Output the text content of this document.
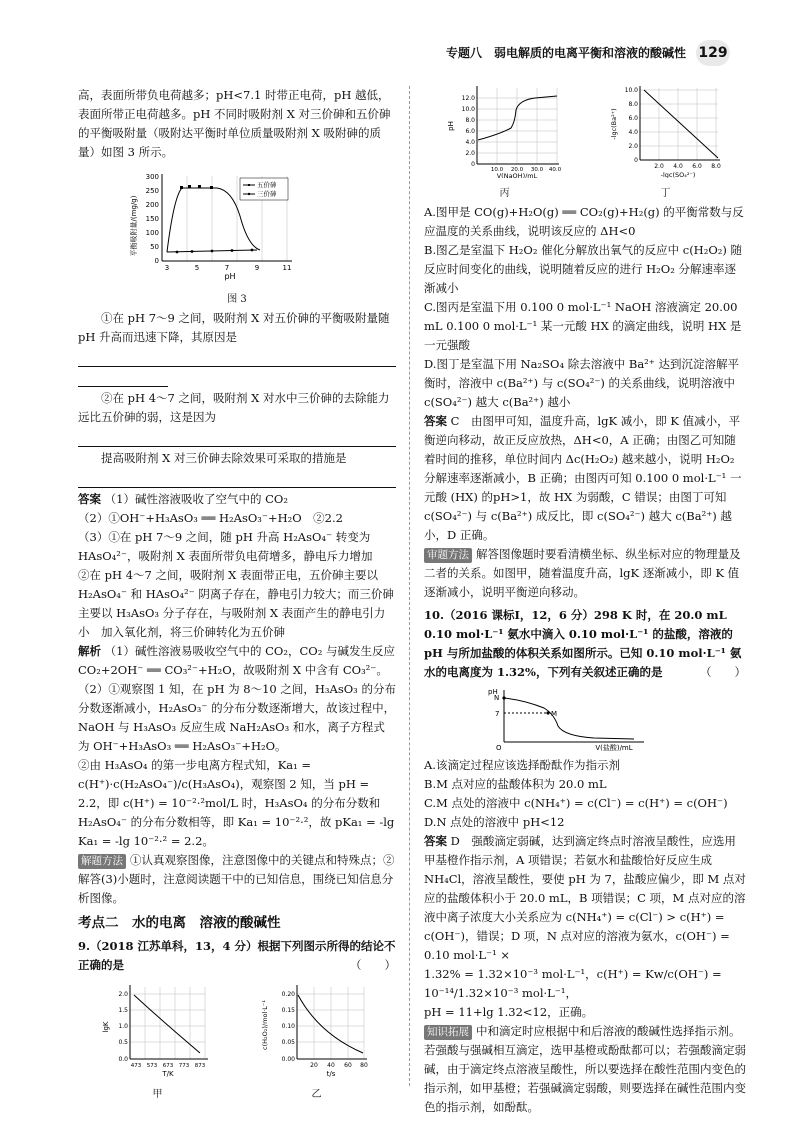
专题八　弱电解质的电离平衡和溶液的酸碱性 129

高，表面所带负电荷越多；pH<7.1 时带正电荷，pH 越低，表面所带正电荷越多。pH 不同时吸附剂 X 对三价砷和五价砷的平衡吸附量（吸附达平衡时单位质量吸附剂 X 吸附砷的质量）如图 3 所示。

平衡吸附量/(mg/g)
0
50
100
150
200
250
300
3	5	7	9	11
pH
五价砷
三价砷
图 3

①在 pH 7～9 之间，吸附剂 X 对五价砷的平衡吸附量随 pH 升高而迅速下降，其原因是

②在 pH 4～7 之间，吸附剂 X 对水中三价砷的去除能力远比五价砷的弱，这是因为

提高吸附剂 X 对三价砷去除效果可采取的措施是

答案 （1）碱性溶液吸收了空气中的 CO₂

（2）①OH⁻+H₃AsO₃ ══ H₂AsO₃⁻+H₂O　②2.2

（3）①在 pH 7～9 之间，随 pH 升高 H₂AsO₄⁻ 转变为 HAsO₄²⁻，吸附剂 X 表面所带负电荷增多，静电斥力增加

②在 pH 4～7 之间，吸附剂 X 表面带正电，五价砷主要以 H₂AsO₄⁻ 和 HAsO₄²⁻ 阴离子存在，静电引力较大；而三价砷主要以 H₃AsO₃ 分子存在，与吸附剂 X 表面产生的静电引力小　加入氧化剂，将三价砷转化为五价砷

解析 （1）碱性溶液易吸收空气中的 CO₂，CO₂ 与碱发生反应 CO₂+2OH⁻ ══ CO₃²⁻+H₂O，故吸附剂 X 中含有 CO₃²⁻。

（2）①观察图 1 知，在 pH 为 8～10 之间，H₃AsO₃ 的分布分数逐渐减小，H₂AsO₃⁻ 的分布分数逐渐增大，故该过程中，NaOH 与 H₃AsO₃ 反应生成 NaH₂AsO₃ 和水，离子方程式为 OH⁻+H₃AsO₃ ══ H₂AsO₃⁻+H₂O。

②由 H₃AsO₄ 的第一步电离方程式知，Ka₁ = c(H⁺)·c(H₂AsO₄⁻)/c(H₃AsO₄)，观察图 2 知，当 pH = 2.2，即 c(H⁺) = 10⁻²·²mol/L 时，H₃AsO₄ 的分布分数和 H₂AsO₄⁻ 的分布分数相等，即 Ka₁ = 10⁻²·²，故 pKa₁ = -lg Ka₁ = -lg 10⁻²·² = 2.2。

解题方法 ①认真观察图像，注意图像中的关键点和特殊点；②解答(3)小题时，注意阅读题干中的已知信息，围绕已知信息分析图像。

考点二　水的电离　溶液的酸碱性

9.（2018 江苏单科，13，4 分）根据下列图示所得的结论不正确的是	（　　）

lgK
0.0
0.5
1.0
1.5
2.0
473 573 673 773 873
T/K
甲
c(H₂O₂)/mol·L⁻¹
0.00
0.05
0.10
0.15
0.20
20 40 60 80
t/s
乙
pH
0
2.0
4.0
6.0
8.0
10.0
12.0
10.0 20.0 30.0 40.0
V(NaOH)/mL
丙
-lgc(Ba²⁺)
0
2.0
4.0
6.0
8.0
10.0
2.0 4.0 6.0 8.0
-lgc(SO₄²⁻)
丁

A.图甲是 CO(g)+H₂O(g) ══ CO₂(g)+H₂(g) 的平衡常数与反应温度的关系曲线，说明该反应的 ΔH<0

B.图乙是室温下 H₂O₂ 催化分解放出氧气的反应中 c(H₂O₂) 随反应时间变化的曲线，说明随着反应的进行 H₂O₂ 分解速率逐渐减小

C.图丙是室温下用 0.100 0 mol·L⁻¹ NaOH 溶液滴定 20.00 mL 0.100 0 mol·L⁻¹ 某一元酸 HX 的滴定曲线，说明 HX 是一元强酸

D.图丁是室温下用 Na₂SO₄ 除去溶液中 Ba²⁺ 达到沉淀溶解平衡时，溶液中 c(Ba²⁺) 与 c(SO₄²⁻) 的关系曲线，说明溶液中 c(SO₄²⁻) 越大 c(Ba²⁺) 越小

答案 C　由图甲可知，温度升高，lgK 减小，即 K 值减小，平衡逆向移动，故正反应放热，ΔH<0，A 正确；由图乙可知随着时间的推移，单位时间内 Δc(H₂O₂) 越来越小，说明 H₂O₂ 分解速率逐渐减小，B 正确；由图丙可知 0.100 0 mol·L⁻¹ 一元酸 (HX) 的pH>1，故 HX 为弱酸，C 错误；由图丁可知 c(SO₄²⁻) 与 c(Ba²⁺) 成反比，即 c(SO₄²⁻) 越大 c(Ba²⁺) 越小，D 正确。

审题方法 解答图像题时要看清横坐标、纵坐标对应的物理量及二者的关系。如图甲，随着温度升高，lgK 逐渐减小，即 K 值逐渐减小，说明平衡逆向移动。

10.（2016 课标Ⅰ，12，6 分）298 K 时，在 20.0 mL 0.10 mol·L⁻¹ 氨水中滴入 0.10 mol·L⁻¹ 的盐酸，溶液的 pH 与所加盐酸的体积关系如图所示。已知 0.10 mol·L⁻¹ 氨水的电离度为 1.32%，下列有关叙述正确的是	（　　）

pH
N
M
7
O	V(盐酸)/mL

A.该滴定过程应该选择酚酞作为指示剂

B.M 点对应的盐酸体积为 20.0 mL

C.M 点处的溶液中 c(NH₄⁺) = c(Cl⁻) = c(H⁺) = c(OH⁻)

D.N 点处的溶液中 pH<12

答案 D　强酸滴定弱碱，达到滴定终点时溶液呈酸性，应选用甲基橙作指示剂，A 项错误；若氨水和盐酸恰好反应生成 NH₄Cl，溶液呈酸性，要使 pH 为 7，盐酸应偏少，即 M 点对应的盐酸体积小于 20.0 mL，B 项错误；C 项，M 点对应的溶液中离子浓度大小关系应为 c(NH₄⁺) = c(Cl⁻) > c(H⁺) = c(OH⁻)，错误；D 项，N 点对应的溶液为氨水，c(OH⁻) = 0.10 mol·L⁻¹ ×

1.32% = 1.32×10⁻³ mol·L⁻¹，c(H⁺) = Kw/c(OH⁻) = 10⁻¹⁴/1.32×10⁻³ mol·L⁻¹，

pH = 11+lg 1.32<12，正确。

知识拓展 中和滴定时应根据中和后溶液的酸碱性选择指示剂。若强酸与强碱相互滴定，选甲基橙或酚酞都可以；若强酸滴定弱碱，由于滴定终点溶液呈酸性，所以要选择在酸性范围内变色的指示剂，如甲基橙；若强碱滴定弱酸，则要选择在碱性范围内变色的指示剂，如酚酞。
